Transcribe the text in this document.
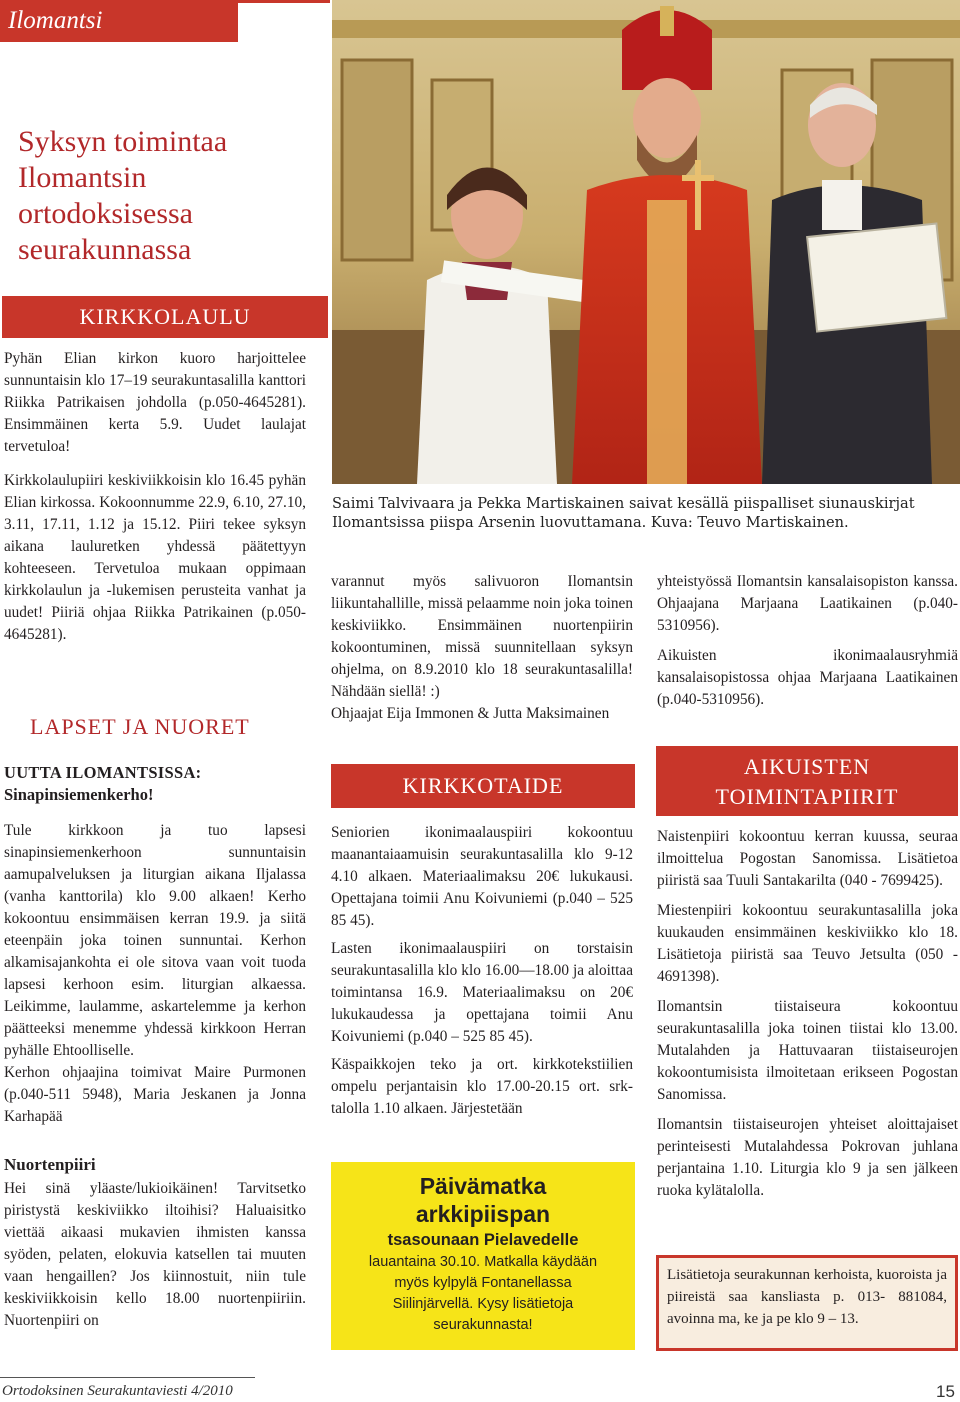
Ilomantsi
Syksyn toimintaa
Ilomantsin
ortodoksisessa
seurakunnassa
KIRKKOLAULU

Pyhän Elian kirkon kuoro harjoittelee sunnuntaisin klo 17–19 seurakuntasalilla kanttori Riikka Patrikaisen johdolla (p.050-4645281). Ensimmäinen kerta 5.9. Uudet laulajat tervetuloa!

Kirkkolaulupiiri keskiviikkoisin klo 16.45 pyhän Elian kirkossa. Kokoonnumme 22.9, 6.10, 27.10, 3.11, 17.11, 1.12 ja 15.12. Piiri tekee syksyn aikana lauluretken yhdessä päätettyyn kohteeseen. Tervetuloa mukaan oppimaan kirkkolaulun ja -lukemisen perusteita vanhat ja uudet! Piiriä ohjaa Riikka Patrikainen (p.050-4645281).

LAPSET JA NUORET
UUTTA ILOMANTSISSA:
Sinapinsiemenkerho!

Tule kirkkoon ja tuo lapsesi sinapinsiemenkerhoon sunnuntaisin aamupalveluksen ja liturgian aikana Iljalassa (vanha kanttorila) klo 9.00 alkaen! Kerho kokoontuu ensimmäisen kerran 19.9. ja siitä eteenpäin joka toinen sunnuntai. Kerhon alkamisajankohta ei ole sitova vaan voit tuoda lapsesi kerhoon esim. liturgian alkaessa. Leikimme, laulamme, askartelemme ja kerhon päätteeksi menemme yhdessä kirkkoon Herran pyhälle Ehtoolliselle.

Kerhon ohjaajina toimivat Maire Purmonen (p.040-511 5948), Maria Jeskanen ja Jonna Karhapää

Nuortenpiiri

Hei sinä yläaste/lukioikäinen! Tarvitsetko piristystä keskiviikko iltoihisi? Haluaisitko viettää aikaasi mukavien ihmisten kanssa syöden, pelaten, elokuvia katsellen tai muuten vaan hengaillen? Jos kiinnostuit, niin tule keskiviikkoisin kello 18.00 nuortenpiiriin. Nuortenpiiri on

Saimi Talvivaara ja Pekka Martiskainen saivat kesällä piispalliset siunauskirjat Ilomantsissa piispa Arsenin luovuttamana. Kuva: Teuvo Martiskainen.

varannut myös salivuoron Ilomantsin liikuntahallille, missä pelaamme noin joka toinen keskiviikko. Ensimmäinen nuortenpiirin kokoontuminen, missä suunnitellaan syksyn ohjelma, on 8.9.2010 klo 18 seurakuntasalilla! Nähdään siellä! :)

Ohjaajat Eija Immonen & Jutta Maksimainen

KIRKKOTAIDE

Seniorien ikonimaalauspiiri kokoontuu maanantaiaamuisin seurakuntasalilla klo 9-12 4.10 alkaen. Materiaalimaksu 20€ lukukausi. Opettajana toimii Anu Koivuniemi (p.040 – 525 85 45).

Lasten ikonimaalauspiiri on torstaisin seurakuntasalilla klo klo 16.00—18.00 ja aloittaa toimintansa 16.9. Materiaalimaksu on 20€ lukukaudessa ja opettajana toimii Anu Koivuniemi (p.040 – 525 85 45).

Käspaikkojen teko ja ort. kirkkotekstiilien ompelu perjantaisin klo 17.00-20.15 ort. srk-talolla 1.10 alkaen. Järjestetään

Päivämatka
arkkipiispan
tsasounaan Pielavedelle
lauantaina 30.10. Matkalla käydään
myös kylpylä Fontanellassa
Siilinjärvellä. Kysy lisätietoja
seurakunnasta!

yhteistyössä Ilomantsin kansalaisopiston kanssa. Ohjaajana Marjaana Laatikainen (p.040-5310956).

Aikuisten ikonimaalausryhmiä kansalaisopistossa ohjaa Marjaana Laatikainen (p.040-5310956).

AIKUISTEN
TOIMINTAPIIRIT

Naistenpiiri kokoontuu kerran kuussa, seuraa ilmoittelua Pogostan Sanomissa. Lisätietoa piiristä saa Tuuli Santakarilta (040 - 7699425).

Miestenpiiri kokoontuu seurakuntasalilla joka kuukauden ensimmäinen keskiviikko klo 18. Lisätietoja piiristä saa Teuvo Jetsulta (050 - 4691398).

Ilomantsin tiistaiseura kokoontuu seurakuntasalilla joka toinen tiistai klo 13.00. Mutalahden ja Hattuvaaran tiistaiseurojen kokoontumisista ilmoitetaan erikseen Pogostan Sanomissa.

Ilomantsin tiistaiseurojen yhteiset aloittajaiset perinteisesti Mutalahdessa Pokrovan juhlana perjantaina 1.10. Liturgia klo 9 ja sen jälkeen ruoka kylätalolla.

Lisätietoja seurakunnan kerhoista, kuoroista ja piireistä saa kansliasta p. 013- 881084, avoinna ma, ke ja pe klo 9 – 13.

Ortodoksinen Seurakuntaviesti 4/2010	15
